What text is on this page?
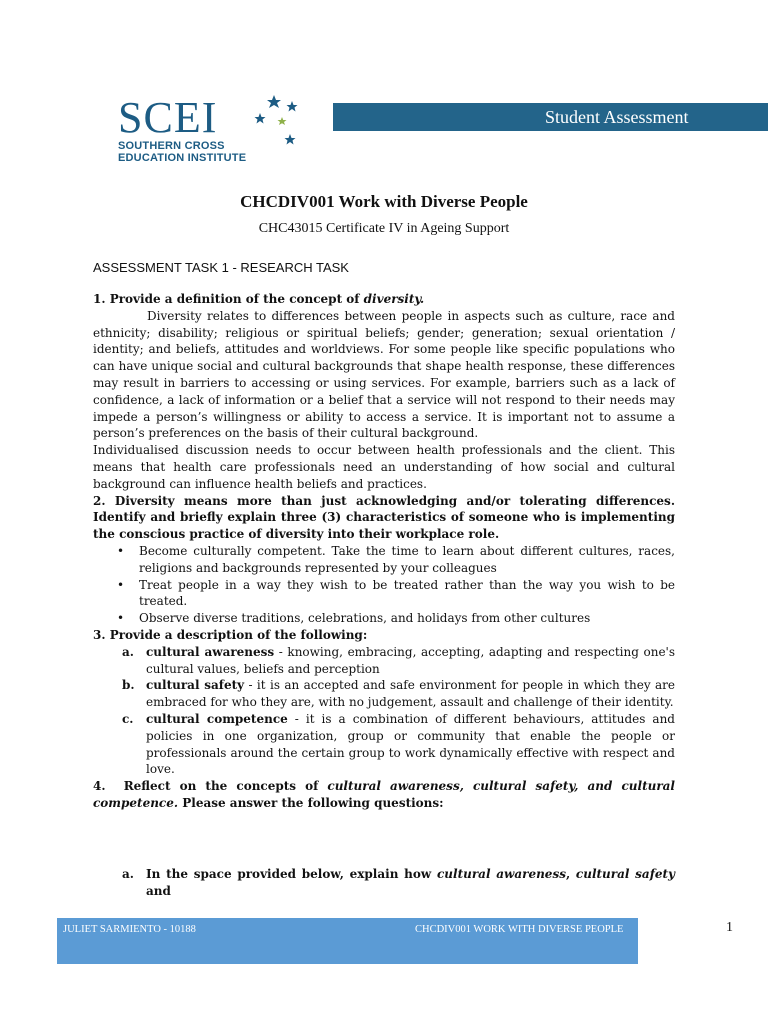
SCEI
SOUTHERN CROSS
EDUCATION INSTITUTE
Student Assessment
CHCDIV001 Work with Diverse People
CHC43015 Certificate IV in Ageing Support
ASSESSMENT TASK 1 - RESEARCH TASK

1. Provide a definition of the concept of diversity.

Diversity relates to differences between people in aspects such as culture, race and ethnicity; disability; religious or spiritual beliefs; gender; generation; sexual orientation / identity; and beliefs, attitudes and worldviews. For some people like specific populations who can have unique social and cultural backgrounds that shape health response, these differences may result in barriers to accessing or using services. For example, barriers such as a lack of confidence, a lack of information or a belief that a service will not respond to their needs may impede a person’s willingness or ability to access a service. It is important not to assume a person’s preferences on the basis of their cultural background.

Individualised discussion needs to occur between health professionals and the client. This means that health care professionals need an understanding of how social and cultural background can influence health beliefs and practices.

2. Diversity means more than just acknowledging and/or tolerating differences. Identify and briefly explain three (3) characteristics of someone who is implementing the conscious practice of diversity into their workplace role.

• Become culturally competent. Take the time to learn about different cultures, races, religions and backgrounds represented by your colleagues
• Treat people in a way they wish to be treated rather than the way you wish to be treated.
• Observe diverse traditions, celebrations, and holidays from other cultures

3. Provide a description of the following:

a. cultural awareness - knowing, embracing, accepting, adapting and respecting one's cultural values, beliefs and perception
b. cultural safety - it is an accepted and safe environment for people in which they are embraced for who they are, with no judgement, assault and challenge of their identity.
c. cultural competence - it is a combination of different behaviours, attitudes and policies in one organization, group or community that enable the people or professionals around the certain group to work dynamically effective with respect and love.

4. Reflect on the concepts of cultural awareness, cultural safety, and cultural competence. Please answer the following questions:

a. In the space provided below, explain how cultural awareness, cultural safety and
JULIET SARMIENTO - 10188	CHCDIV001 WORK WITH DIVERSE PEOPLE	1
